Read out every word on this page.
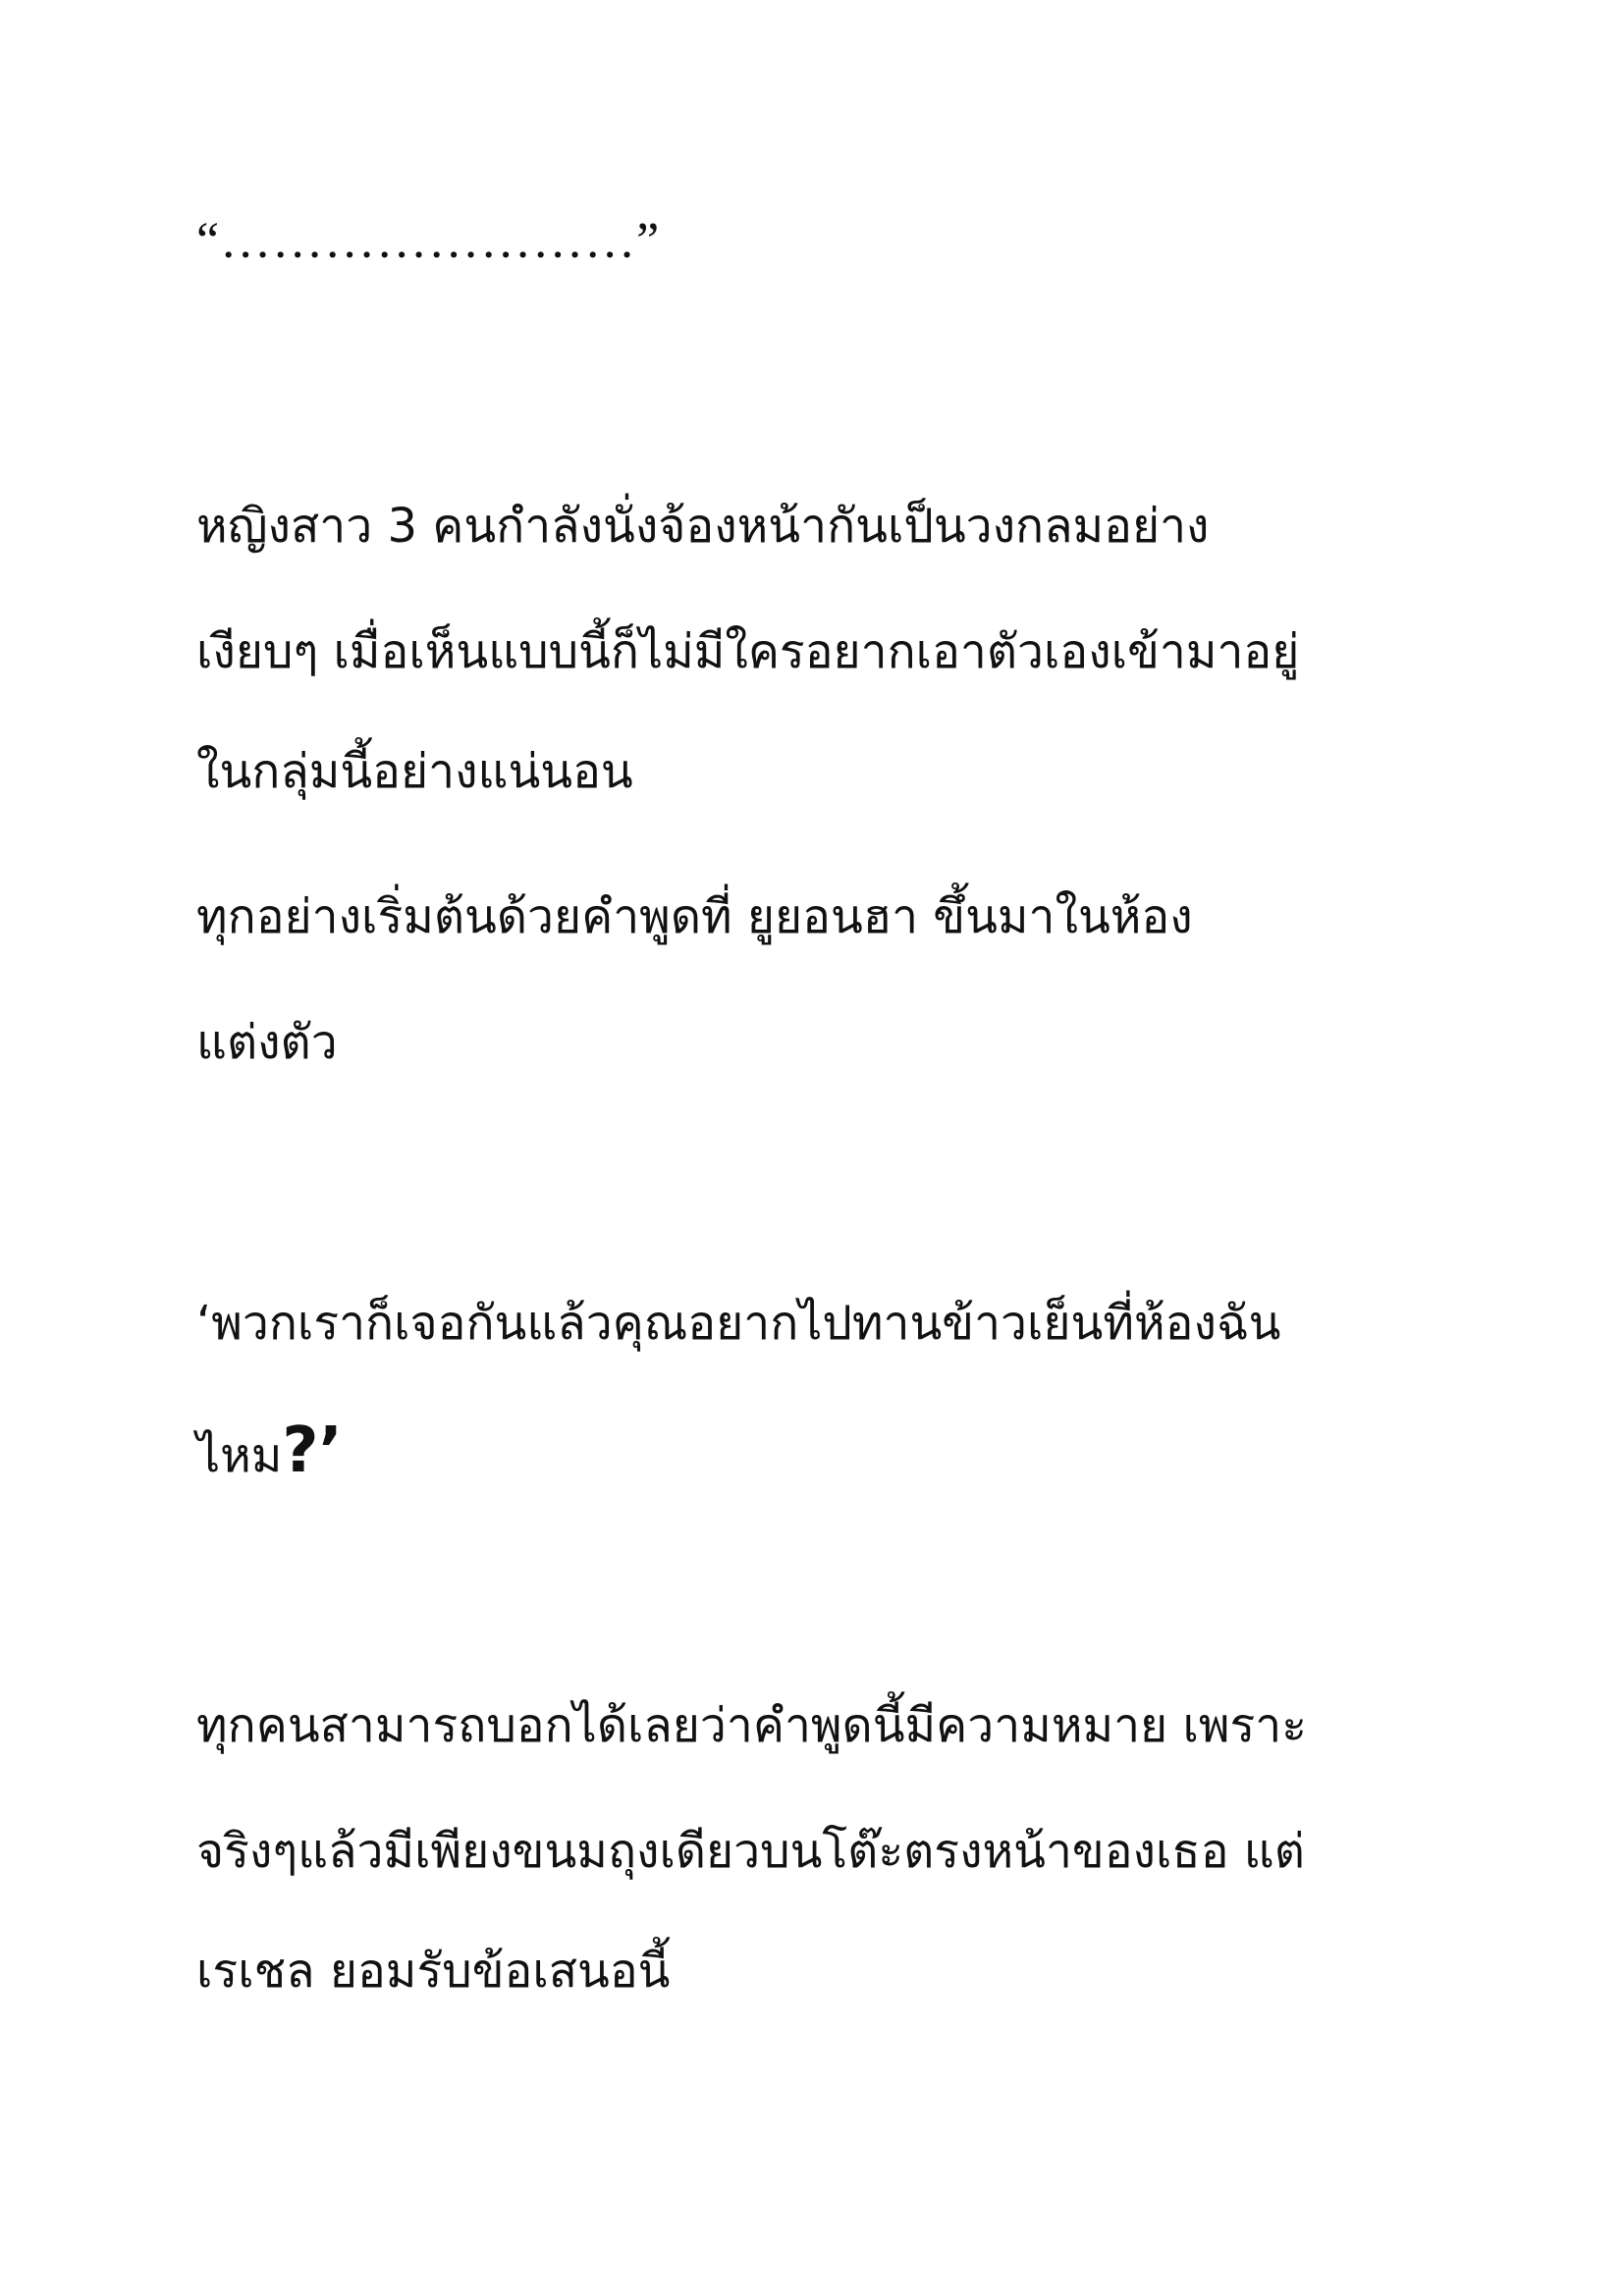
“……………………”
หญิงสาว 3 คนกำลังนั่งจ้องหน้ากันเป็นวงกลมอย่าง
เงียบๆ เมื่อเห็นแบบนี้ก็ไม่มีใครอยากเอาตัวเองเข้ามาอยู่
ในกลุ่มนี้อย่างแน่นอน
ทุกอย่างเริ่มต้นด้วยคำพูดที่ ยูยอนฮา ขึ้นมาในห้อง
แต่งตัว
‘พวกเราก็เจอกันแล้วคุณอยากไปทานข้าวเย็นที่ห้องฉัน
ไหม?’
ทุกคนสามารถบอกได้เลยว่าคำพูดนี้มีความหมาย เพราะ
จริงๆแล้วมีเพียงขนมถุงเดียวบนโต๊ะตรงหน้าของเธอ แต่
เรเชล ยอมรับข้อเสนอนี้
